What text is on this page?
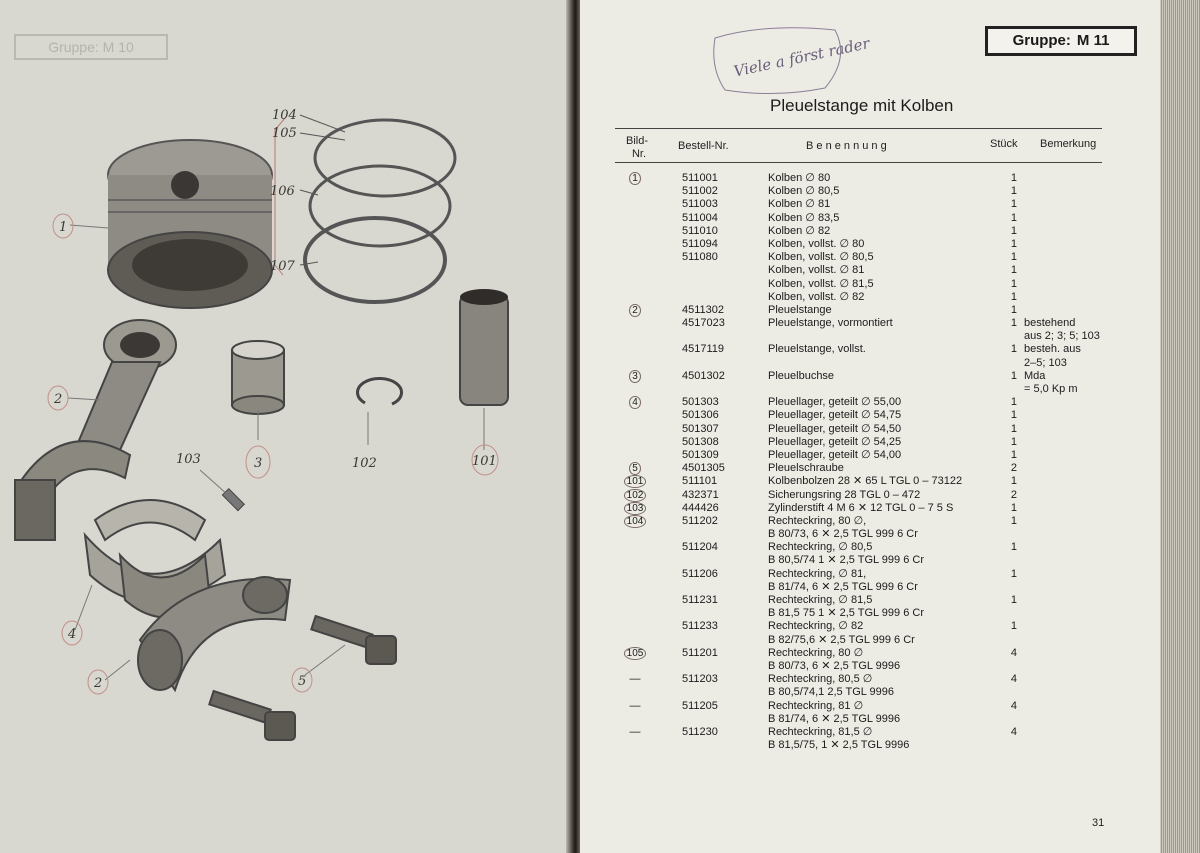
Gruppe: M 10
104
105
106
107
1
2
3
4
5
2
103	102	101
Gruppe: M 11
Viele a först rader
Pleuelstange mit Kolben
Bild-
Nr.
Bestell-Nr.	B e n e n n u n g	Stück Bemerkung
1	511001	Kolben ∅ 80	1
511002	Kolben ∅ 80,5	1
511003	Kolben ∅ 81	1
511004	Kolben ∅ 83,5	1
511010	Kolben ∅ 82	1
511094	Kolben, vollst. ∅ 80	1
511080	Kolben, vollst. ∅ 80,5	1
Kolben, vollst. ∅ 81	1
Kolben, vollst. ∅ 81,5	1
Kolben, vollst. ∅ 82	1
2	4511302	Pleuelstange	1
4517023	Pleuelstange, vormontiert	1 bestehend
aus 2; 3; 5; 103
4517119	Pleuelstange, vollst.	1 besteh. aus
2–5; 103
3	4501302	Pleuelbuchse	1 Mda
= 5,0 Kp m
4	501303	Pleuellager, geteilt ∅ 55,00	1
501306	Pleuellager, geteilt ∅ 54,75	1
501307	Pleuellager, geteilt ∅ 54,50	1
501308	Pleuellager, geteilt ∅ 54,25	1
501309	Pleuellager, geteilt ∅ 54,00	1
5	4501305	Pleuelschraube	2
101	511101	Kolbenbolzen 28 ✕ 65 L TGL 0 – 73122	1
102	432371	Sicherungsring 28 TGL 0 – 472	2
103	444426	Zylinderstift 4 M 6 ✕ 12 TGL 0 – 7 5 S	1
104	511202	Rechteckring, 80 ∅,	1
B 80/73, 6 ✕ 2,5 TGL 999 6 Cr
511204	Rechteckring, ∅ 80,5	1
B 80,5/74 1 ✕ 2,5 TGL 999 6 Cr
511206	Rechteckring, ∅ 81,	1
B 81/74, 6 ✕ 2,5 TGL 999 6 Cr
511231	Rechteckring, ∅ 81,5	1
B 81,5 75 1 ✕ 2,5 TGL 999 6 Cr
511233	Rechteckring, ∅ 82	1
B 82/75,6 ✕ 2,5 TGL 999 6 Cr
105	511201	Rechteckring, 80 ∅	4
B 80/73, 6 ✕ 2,5 TGL 9996
—	511203	Rechteckring, 80,5 ∅	4
B 80,5/74,1 2,5 TGL 9996
—	511205	Rechteckring, 81 ∅	4
B 81/74, 6 ✕ 2,5 TGL 9996
—	511230	Rechteckring, 81,5 ∅	4
B 81,5/75, 1 ✕ 2,5 TGL 9996
31
